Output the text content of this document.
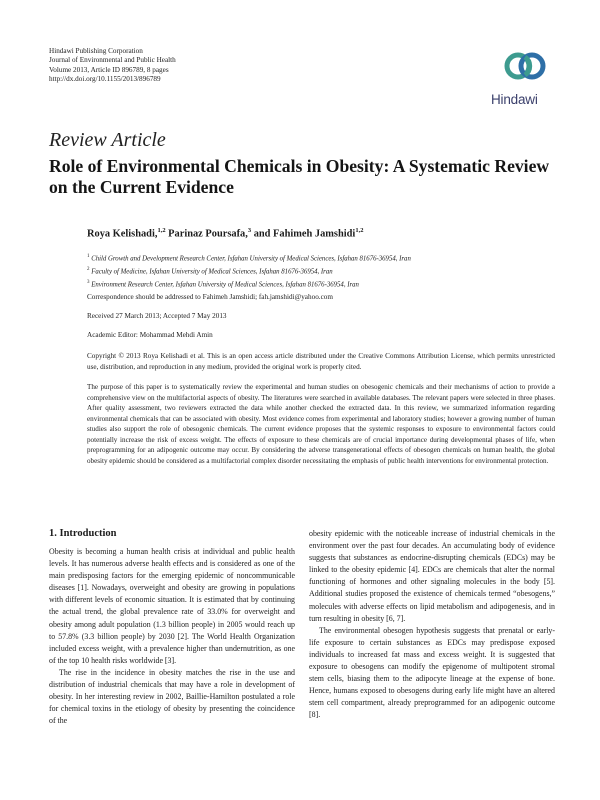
Hindawi Publishing Corporation
Journal of Environmental and Public Health
Volume 2013, Article ID 896789, 8 pages
http://dx.doi.org/10.1155/2013/896789
Hindawi
Review Article
Role of Environmental Chemicals in Obesity: A Systematic Review on the Current Evidence
Roya Kelishadi,$^{1,2}$ Parinaz Poursafa,$^3$ and Fahimeh Jamshidi$^{1,2}$
$^1$ Child Growth and Development Research Center, Isfahan University of Medical Sciences, Isfahan 81676-36954, Iran
$^2$ Faculty of Medicine, Isfahan University of Medical Sciences, Isfahan 81676-36954, Iran
$^3$ Environment Research Center, Isfahan University of Medical Sciences, Isfahan 81676-36954, Iran
Correspondence should be addressed to Fahimeh Jamshidi; fah.jamshidi@yahoo.com
Received 27 March 2013; Accepted 7 May 2013
Academic Editor: Mohammad Mehdi Amin
Copyright © 2013 Roya Kelishadi et al. This is an open access article distributed under the Creative Commons Attribution License, which permits unrestricted use, distribution, and reproduction in any medium, provided the original work is properly cited.
The purpose of this paper is to systematically review the experimental and human studies on obesogenic chemicals and their mechanisms of action to provide a comprehensive view on the multifactorial aspects of obesity. The literatures were searched in available databases. The relevant papers were selected in three phases. After quality assessment, two reviewers extracted the data while another checked the extracted data. In this review, we summarized information regarding environmental chemicals that can be associated with obesity. Most evidence comes from experimental and laboratory studies; however a growing number of human studies also support the role of obesogenic chemicals. The current evidence proposes that the systemic responses to exposure to environmental factors could potentially increase the risk of excess weight. The effects of exposure to these chemicals are of crucial importance during developmental phases of life, when preprogramming for an adipogenic outcome may occur. By considering the adverse transgenerational effects of obesogen chemicals on human health, the global obesity epidemic should be considered as a multifactorial complex disorder necessitating the emphasis of public health interventions for environmental protection.
1. Introduction

Obesity is becoming a human health crisis at individual and public health levels. It has numerous adverse health effects and is considered as one of the main predisposing factors for the emerging epidemic of noncommunicable diseases [1]. Nowadays, overweight and obesity are growing in populations with different levels of economic situation. It is estimated that by continuing the actual trend, the global prevalence rate of 33.0% for overweight and obesity among adult population (1.3 billion people) in 2005 would reach up to 57.8% (3.3 billion people) by 2030 [2]. The World Health Organization included excess weight, with a prevalence higher than undernutrition, as one of the top 10 health risks worldwide [3].

The rise in the incidence in obesity matches the rise in the use and distribution of industrial chemicals that may have a role in development of obesity. In her interesting review in 2002, Baillie-Hamilton postulated a role for chemical toxins in the etiology of obesity by presenting the coincidence of the

obesity epidemic with the noticeable increase of industrial chemicals in the environment over the past four decades. An accumulating body of evidence suggests that substances as endocrine-disrupting chemicals (EDCs) may be linked to the obesity epidemic [4]. EDCs are chemicals that alter the normal functioning of hormones and other signaling molecules in the body [5]. Additional studies proposed the existence of chemicals termed “obesogens,” molecules with adverse effects on lipid metabolism and adipogenesis, and in turn resulting in obesity [6, 7].

The environmental obesogen hypothesis suggests that prenatal or early-life exposure to certain substances as EDCs may predispose exposed individuals to increased fat mass and excess weight. It is suggested that exposure to obesogens can modify the epigenome of multipotent stromal stem cells, biasing them to the adipocyte lineage at the expense of bone. Hence, humans exposed to obesogens during early life might have an altered stem cell compartment, already preprogrammed for an adipogenic outcome [8].
